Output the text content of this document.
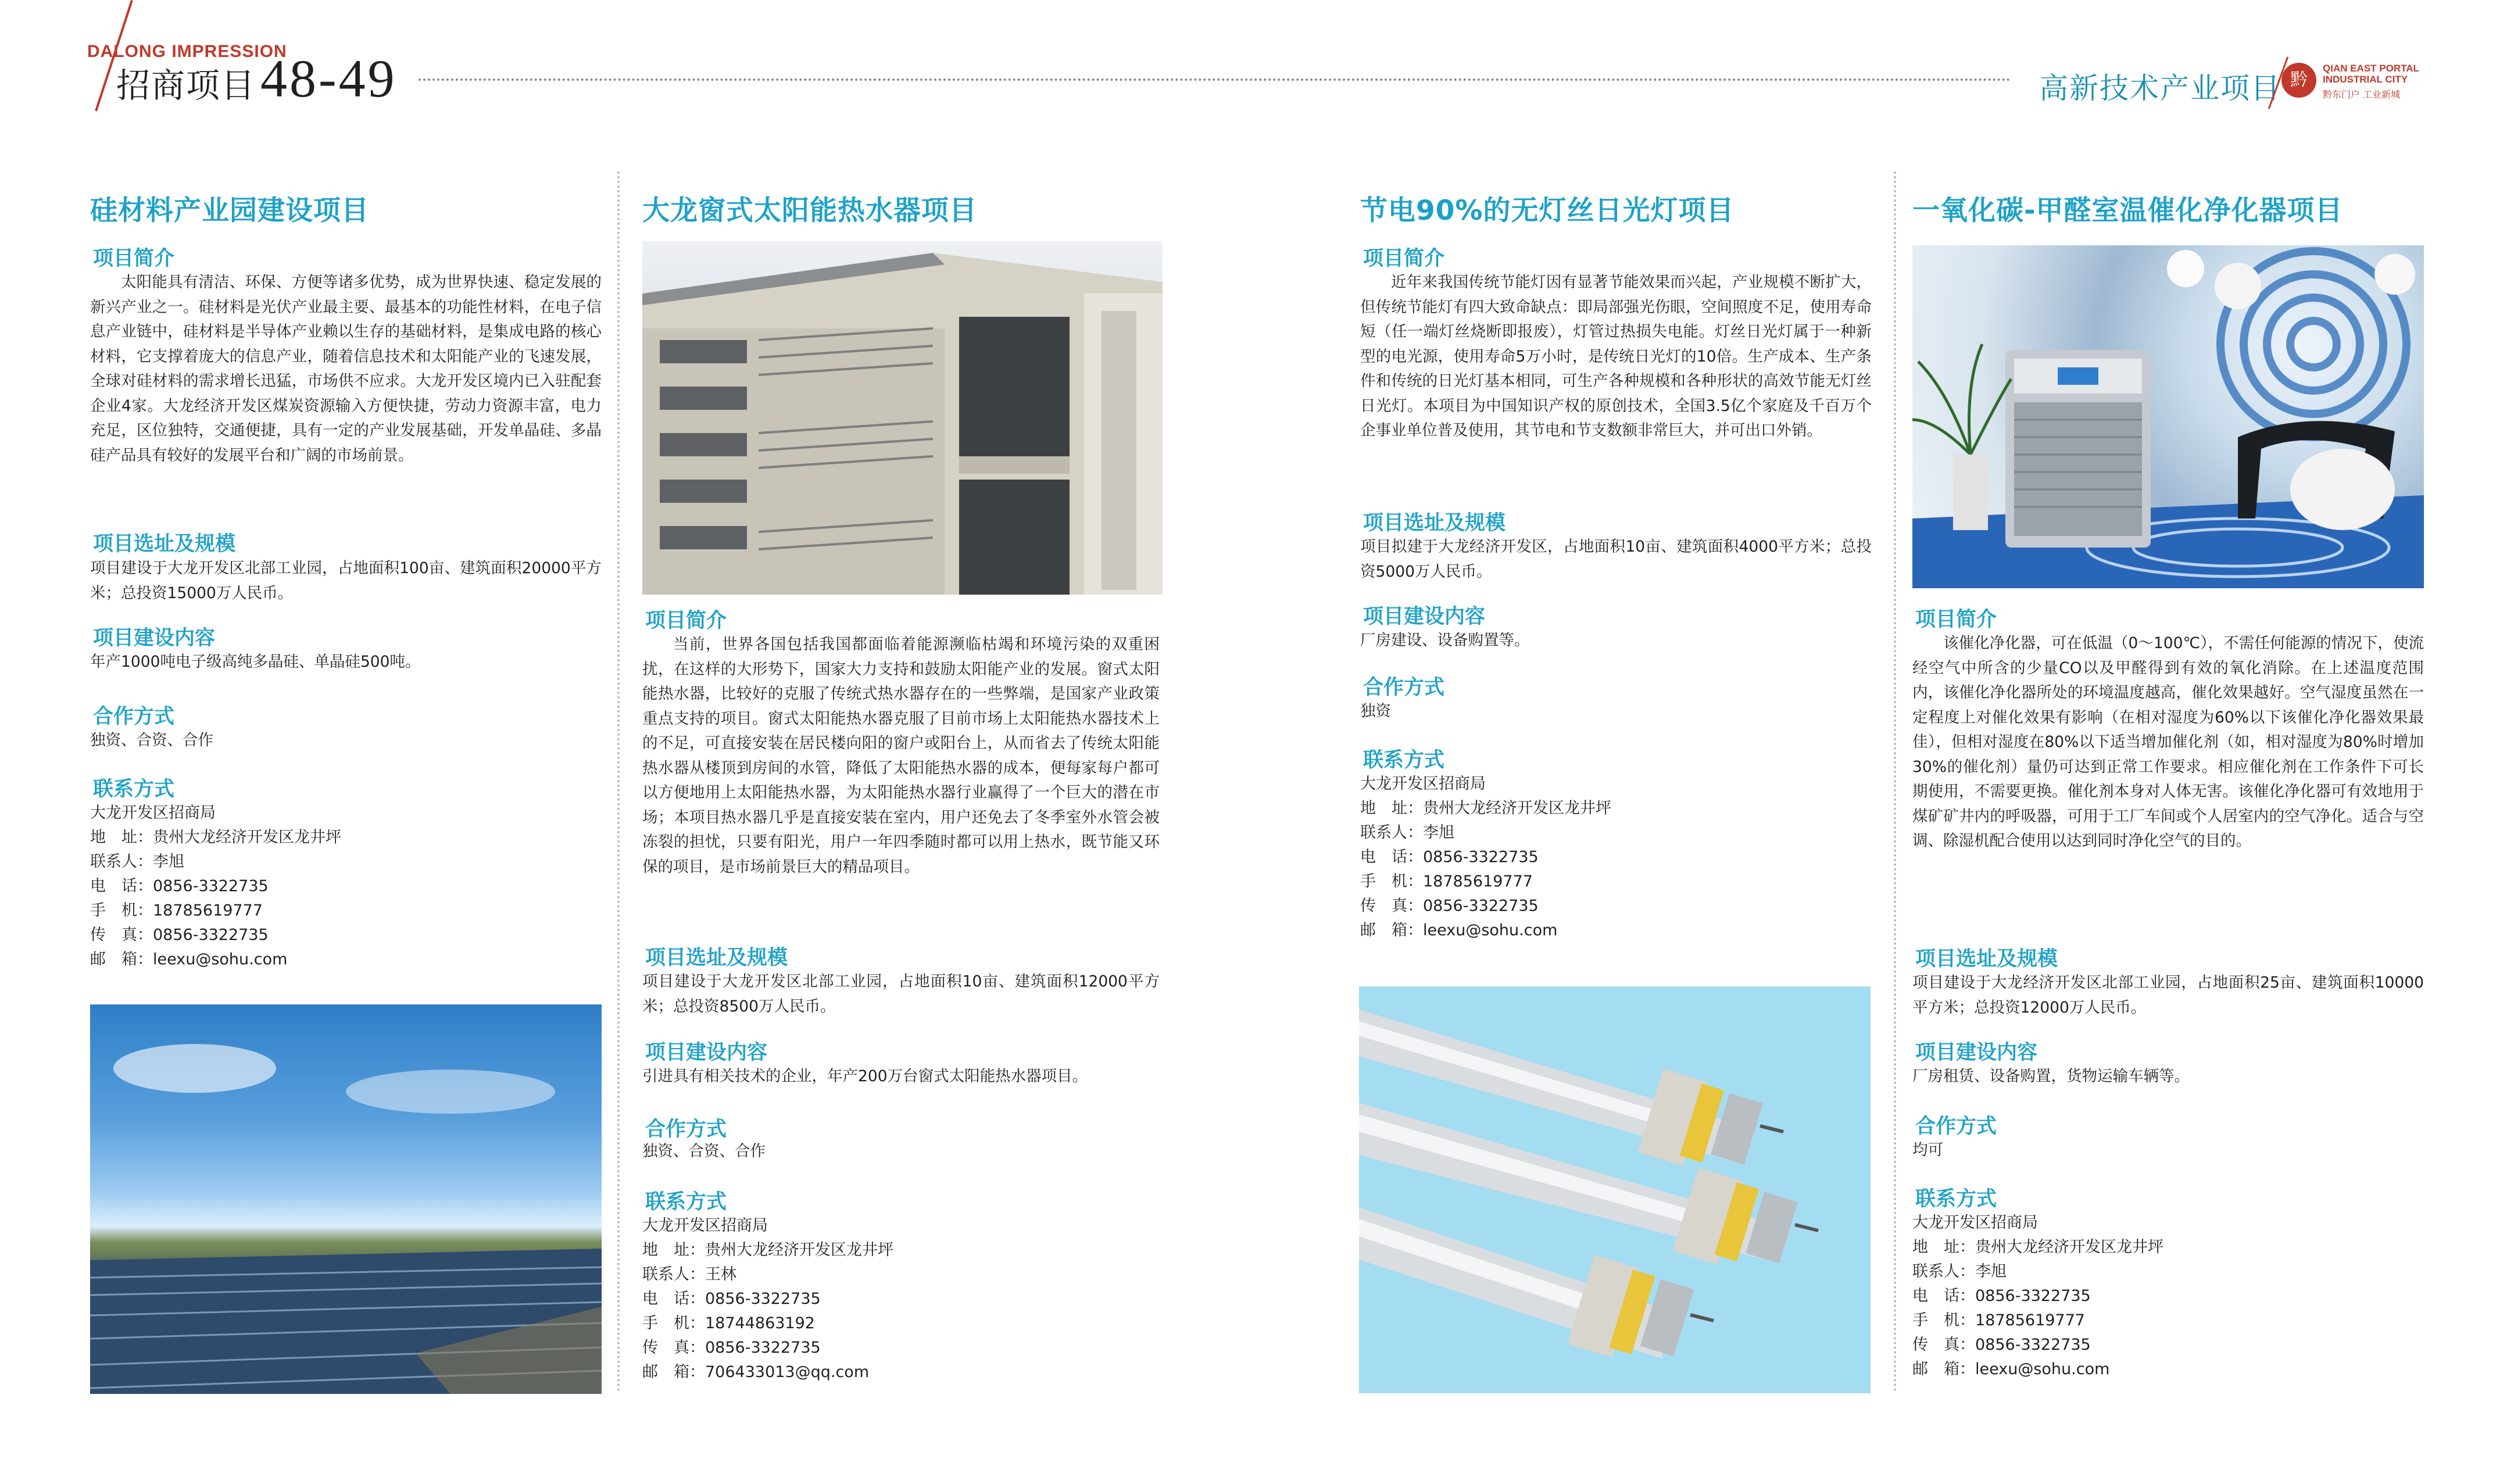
DALONG IMPRESSION
招商项目 48-49	高新技术产业项目 黔
QIAN EAST PORTAL
INDUSTRIAL CITY
黔东门户 工业新城
硅材料产业园建设项目
项目简介
太阳能具有清洁、环保、方便等诸多优势，成为世界快速、稳定发展的新兴产业之一。硅材料是光伏产业最主要、最基本的功能性材料，在电子信息产业链中，硅材料是半导体产业赖以生存的基础材料，是集成电路的核心材料，它支撑着庞大的信息产业，随着信息技术和太阳能产业的飞速发展，全球对硅材料的需求增长迅猛，市场供不应求。大龙开发区境内已入驻配套企业4家。大龙经济开发区煤炭资源输入方便快捷，劳动力资源丰富，电力充足，区位独特，交通便捷，具有一定的产业发展基础，开发单晶硅、多晶硅产品具有较好的发展平台和广阔的市场前景。
项目选址及规模
项目建设于大龙开发区北部工业园，占地面积100亩、建筑面积20000平方米；总投资15000万人民币。
项目建设内容
年产1000吨电子级高纯多晶硅、单晶硅500吨。
合作方式
独资、合资、合作
联系方式
大龙开发区招商局
地　址：贵州大龙经济开发区龙井坪
联系人：李旭
电　话：0856-3322735
手　机：18785619777
传　真：0856-3322735
邮　箱：leexu@sohu.com
大龙窗式太阳能热水器项目
项目简介
当前，世界各国包括我国都面临着能源濒临枯竭和环境污染的双重困扰，在这样的大形势下，国家大力支持和鼓励太阳能产业的发展。窗式太阳能热水器，比较好的克服了传统式热水器存在的一些弊端，是国家产业政策重点支持的项目。窗式太阳能热水器克服了目前市场上太阳能热水器技术上的不足，可直接安装在居民楼向阳的窗户或阳台上，从而省去了传统太阳能热水器从楼顶到房间的水管，降低了太阳能热水器的成本，便每家每户都可以方便地用上太阳能热水器，为太阳能热水器行业赢得了一个巨大的潜在市场；本项目热水器几乎是直接安装在室内，用户还免去了冬季室外水管会被冻裂的担忧，只要有阳光，用户一年四季随时都可以用上热水，既节能又环保的项目，是市场前景巨大的精品项目。
项目选址及规模
项目建设于大龙开发区北部工业园，占地面积10亩、建筑面积12000平方米；总投资8500万人民币。
项目建设内容
引进具有相关技术的企业，年产200万台窗式太阳能热水器项目。
合作方式
独资、合资、合作
联系方式
大龙开发区招商局
地　址：贵州大龙经济开发区龙井坪
联系人：王林
电　话：0856-3322735
手　机：18744863192
传　真：0856-3322735
邮　箱：706433013@qq.com
节电90%的无灯丝日光灯项目
项目简介
近年来我国传统节能灯因有显著节能效果而兴起，产业规模不断扩大，但传统节能灯有四大致命缺点：即局部强光伤眼，空间照度不足，使用寿命短（任一端灯丝烧断即报废），灯管过热损失电能。灯丝日光灯属于一种新型的电光源，使用寿命5万小时，是传统日光灯的10倍。生产成本、生产条件和传统的日光灯基本相同，可生产各种规模和各种形状的高效节能无灯丝日光灯。本项目为中国知识产权的原创技术，全国3.5亿个家庭及千百万个企事业单位普及使用，其节电和节支数额非常巨大，并可出口外销。
项目选址及规模
项目拟建于大龙经济开发区，占地面积10亩、建筑面积4000平方米；总投资5000万人民币。
项目建设内容
厂房建设、设备购置等。
合作方式
独资
联系方式
大龙开发区招商局
地　址：贵州大龙经济开发区龙井坪
联系人：李旭
电　话：0856-3322735
手　机：18785619777
传　真：0856-3322735
邮　箱：leexu@sohu.com
一氧化碳-甲醛室温催化净化器项目
项目简介
该催化净化器，可在低温（0～100℃），不需任何能源的情况下，使流经空气中所含的少量CO以及甲醛得到有效的氧化消除。在上述温度范围内，该催化净化器所处的环境温度越高，催化效果越好。空气湿度虽然在一定程度上对催化效果有影响（在相对湿度为60%以下该催化净化器效果最佳），但相对湿度在80%以下适当增加催化剂（如，相对湿度为80%时增加30%的催化剂）量仍可达到正常工作要求。相应催化剂在工作条件下可长期使用，不需要更换。催化剂本身对人体无害。该催化净化器可有效地用于煤矿矿井内的呼吸器，可用于工厂车间或个人居室内的空气净化。适合与空调、除湿机配合使用以达到同时净化空气的目的。
项目选址及规模
项目建设于大龙经济开发区北部工业园，占地面积25亩、建筑面积10000平方米；总投资12000万人民币。
项目建设内容
厂房租赁、设备购置，货物运输车辆等。
合作方式
均可
联系方式
大龙开发区招商局
地　址：贵州大龙经济开发区龙井坪
联系人：李旭
电　话：0856-3322735
手　机：18785619777
传　真：0856-3322735
邮　箱：leexu@sohu.com
